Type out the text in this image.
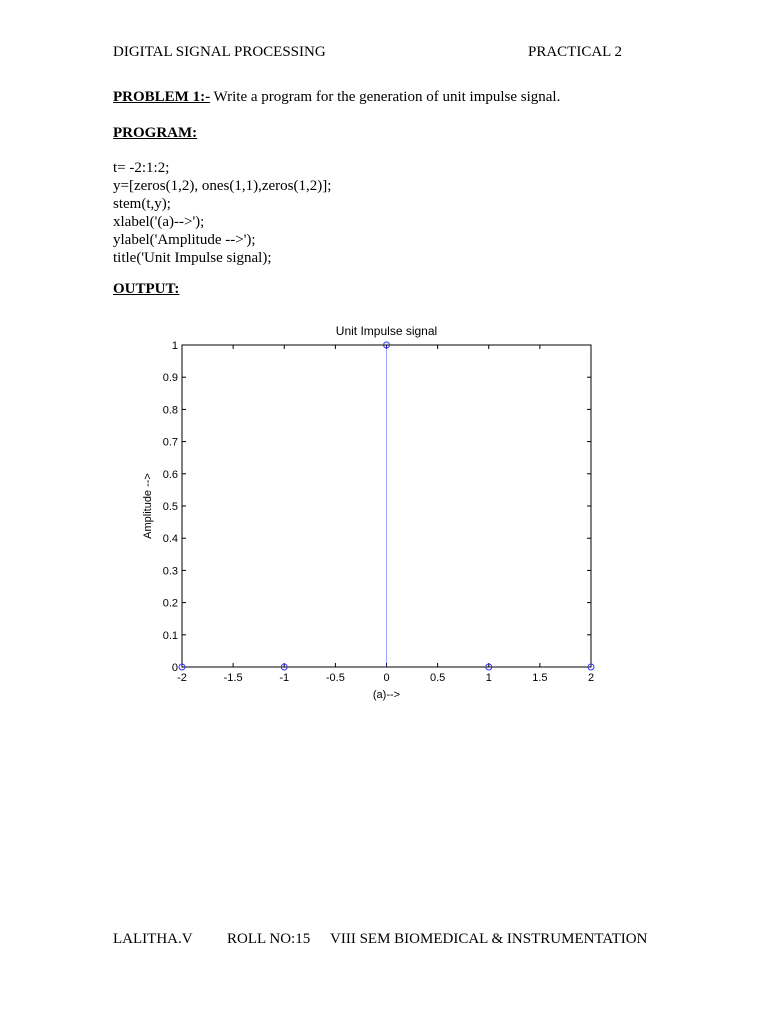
DIGITAL SIGNAL PROCESSING	PRACTICAL 2
PROBLEM 1:- Write a program for the generation of unit impulse signal.
PROGRAM:
t= -2:1:2;
y=[zeros(1,2), ones(1,1),zeros(1,2)];
stem(t,y);
xlabel('(a)-->');
ylabel('Amplitude -->');
title('Unit Impulse signal);
OUTPUT:
-2	-1.5	-1	-0.5	0	0.5	1	1.5	2
0
0.1
0.2
0.3
0.4
0.5
0.6
0.7
0.8
0.9
1
Unit Impulse signal
(a)-->
Amplitude -->
LALITHA.V ROLL NO:15 VIII SEM BIOMEDICAL & INSTRUMENTATION
